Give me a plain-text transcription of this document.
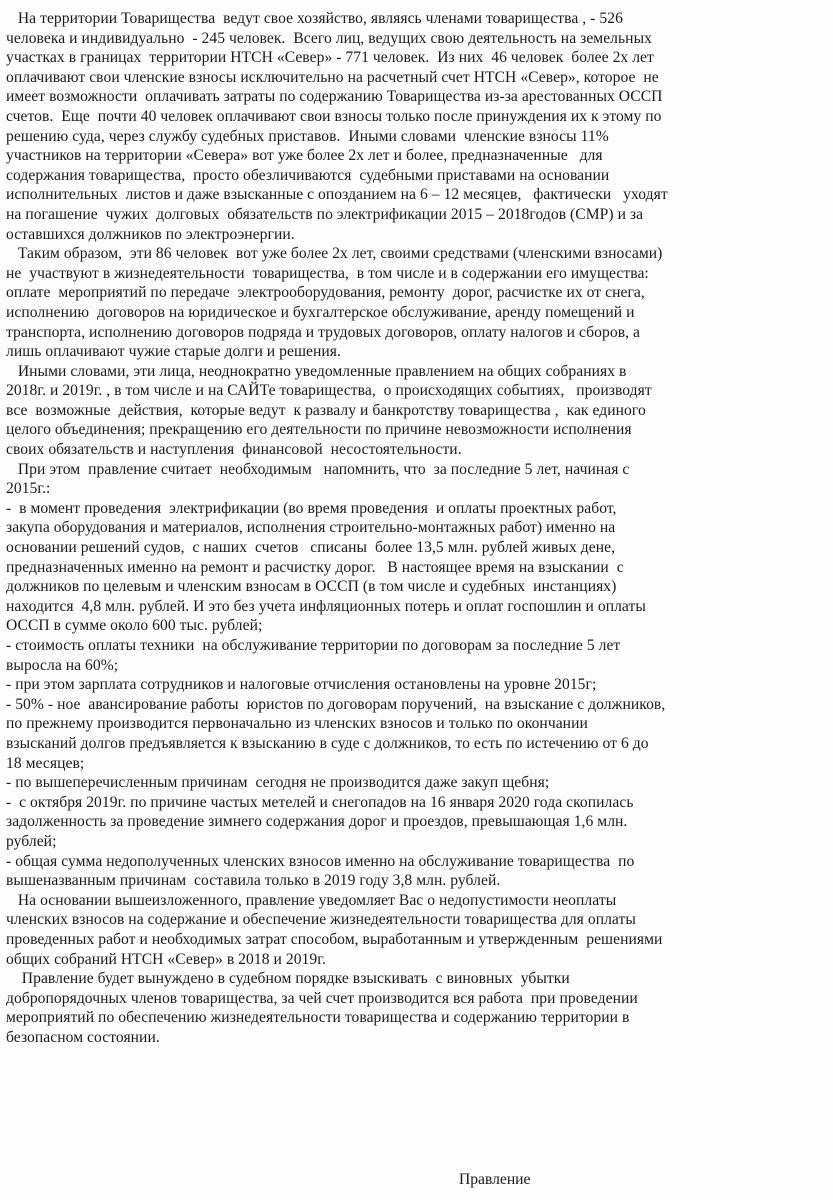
На территории Товарищества  ведут свое хозяйство, являясь членами товарищества , - 526
человека и индивидуально  - 245 человек.  Всего лиц, ведущих свою деятельность на земельных
участках в границах  территории НТСН «Север» - 771 человек.  Из них  46 человек  более 2х лет
оплачивают свои членские взносы исключительно на расчетный счет НТСН «Север», которое  не
имеет возможности  оплачивать затраты по содержанию Товарищества из-за арестованных ОССП
счетов.  Еще  почти 40 человек оплачивают свои взносы только после принуждения их к этому по
решению суда, через службу судебных приставов.  Иными словами  членские взносы 11%
участников на территории «Севера» вот уже более 2х лет и более, предназначенные   для
содержания товарищества,  просто обезличиваются  судебными приставами на основании
исполнительных  листов и даже взысканные с опозданием на 6 – 12 месяцев,   фактически   уходят
на погашение  чужих  долговых  обязательств по электрификации 2015 – 2018годов (СМР) и за
оставшихся должников по электроэнергии.
Таким образом,  эти 86 человек  вот уже более 2х лет, своими средствами (членскими взносами)
не  участвуют в жизнедеятельности  товарищества,  в том числе и в содержании его имущества:
оплате  мероприятий по передаче  электрооборудования, ремонту  дорог, расчистке их от снега,
исполнению  договоров на юридическое и бухгалтерское обслуживание, аренду помещений и
транспорта, исполнению договоров подряда и трудовых договоров, оплату налогов и сборов, а
лишь оплачивают чужие старые долги и решения.
Иными словами, эти лица, неоднократно уведомленные правлением на общих собраниях в
2018г. и 2019г. , в том числе и на САЙТе товарищества,  о происходящих событиях,   производят
все  возможные  действия,  которые ведут  к развалу и банкротству товарищества ,  как единого
целого объединения; прекращению его деятельности по причине невозможности исполнения
своих обязательств и наступления  финансовой  несостоятельности.
При этом  правление считает  необходимым   напомнить, что  за последние 5 лет, начиная с
2015г.:
-  в момент проведения  электрификации (во время проведения  и оплаты проектных работ,
закупа оборудования и материалов, исполнения строительно-монтажных работ) именно на
основании решений судов,  с наших  счетов   списаны  более 13,5 млн. рублей живых дене,
предназначенных именно на ремонт и расчистку дорог.   В настоящее время на взыскании  с
должников по целевым и членским взносам в ОССП (в том числе и судебных  инстанциях)
находится  4,8 млн. рублей. И это без учета инфляционных потерь и оплат госпошлин и оплаты
ОССП в сумме около 600 тыс. рублей;
- стоимость оплаты техники  на обслуживание территории по договорам за последние 5 лет
выросла на 60%;
- при этом зарплата сотрудников и налоговые отчисления остановлены на уровне 2015г;
- 50% - ное  авансирование работы  юристов по договорам поручений,  на взыскание с должников,
по прежнему производится первоначально из членских взносов и только по окончании
взысканий долгов предъявляется к взысканию в суде с должников, то есть по истечению от 6 до
18 месяцев;
- по вышеперечисленным причинам  сегодня не производится даже закуп щебня;
-  с октября 2019г. по причине частых метелей и снегопадов на 16 января 2020 года скопилась
задолженность за проведение зимнего содержания дорог и проездов, превышающая 1,6 млн.
рублей;
- общая сумма недополученных членских взносов именно на обслуживание товарищества  по
вышеназванным причинам  составила только в 2019 году 3,8 млн. рублей.
На основании вышеизложенного, правление уведомляет Вас о недопустимости неоплаты
членских взносов на содержание и обеспечение жизнедеятельности товарищества для оплаты
проведенных работ и необходимых затрат способом, выработанным и утвержденным  решениями
общих собраний НТСН «Север» в 2018 и 2019г.
Правление будет вынуждено в судебном порядке взыскивать  с виновных  убытки
добропорядочных членов товарищества, за чей счет производится вся работа  при проведении
мероприятий по обеспечению жизнедеятельности товарищества и содержанию территории в
безопасном состоянии.
Правление
